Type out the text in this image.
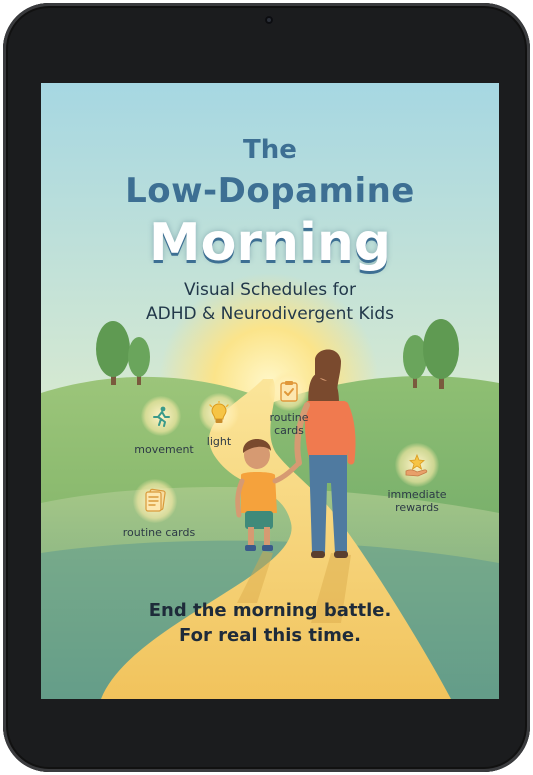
The
Low-Dopamine
Morning

Visual Schedules for

ADHD & Neurodivergent Kids

movement

light

routine

cards

immediate

rewards

routine cards

End the morning battle.

For real this time.
